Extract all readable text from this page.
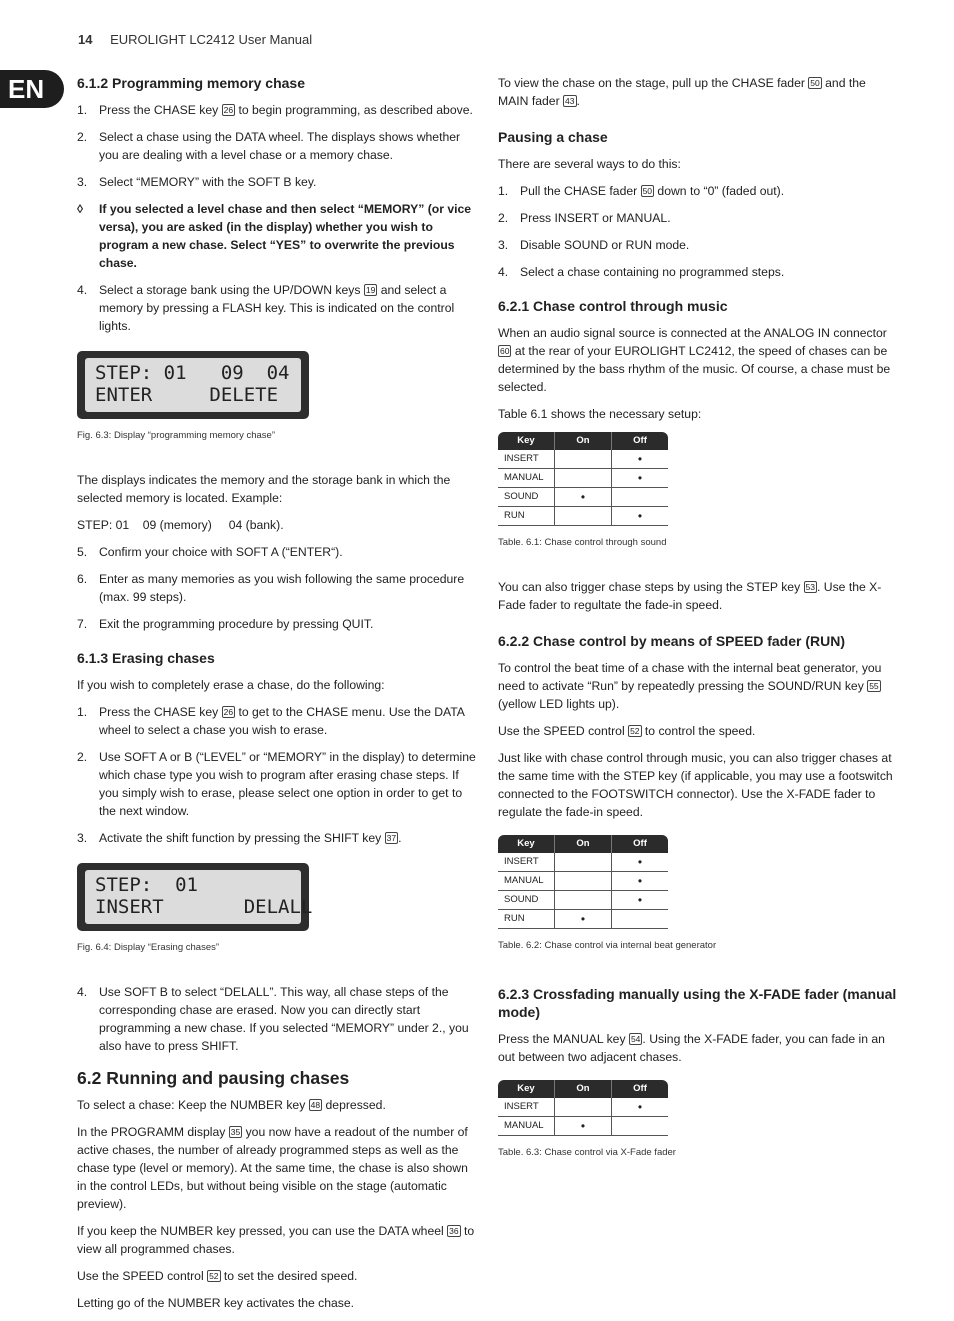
14 EUROLIGHT LC2412 User Manual
EN 6.1.2 Programming memory chase
1. Press the CHASE key 26 to begin programming, as described above.
2. Select a chase using the DATA wheel. The displays shows whether you are dealing with a level chase or a memory chase.
3. Select “MEMORY” with the SOFT B key.
◊	If you selected a level chase and then select “MEMORY” (or vice versa), you are asked (in the display) whether you wish to program a new chase. Select “YES” to overwrite the previous chase.
4. Select a storage bank using the UP/DOWN keys 19 and select a memory by pressing a FLASH key. This is indicated on the control lights.
STEP: 01   09  04
ENTER     DELETE
Fig. 6.3: Display “programming memory chase”

The displays indicates the memory and the storage bank in which the selected memory is located. Example:

STEP: 01    09 (memory)     04 (bank).

5. Confirm your choice with SOFT A (“ENTER“).
6. Enter as many memories as you wish following the same procedure (max. 99 steps).
7. Exit the programming procedure by pressing QUIT.
6.1.3 Erasing chases

If you wish to completely erase a chase, do the following:

1. Press the CHASE key 26 to get to the CHASE menu. Use the DATA wheel to select a chase you wish to erase.
2. Use SOFT A or B (“LEVEL” or “MEMORY” in the display) to determine which chase type you wish to program after erasing chase steps. If you simply wish to erase, please select one option in order to get to the next window.
3. Activate the shift function by pressing the SHIFT key 37 .
STEP:  01
INSERT       DELALL
Fig. 6.4: Display “Erasing chases”
4. Use SOFT B to select “DELALL”. This way, all chase steps of the corresponding chase are erased. Now you can directly start programming a new chase. If you selected “MEMORY” under 2., you also have to press SHIFT.
6.2 Running and pausing chases

To select a chase: Keep the NUMBER key 48 depressed.

In the PROGRAMM display 35 you now have a readout of the number of active chases, the number of already programmed steps as well as the chase type (level or memory). At the same time, the chase is also shown in the control LEDs, but without being visible on the stage (automatic preview).

If you keep the NUMBER key pressed, you can use the DATA wheel 36 to view all programmed chases.

Use the SPEED control 52 to set the desired speed.

Letting go of the NUMBER key activates the chase.

To view the chase on the stage, pull up the CHASE fader 50 and the MAIN fader 43 .

Pausing a chase

There are several ways to do this:

1. Pull the CHASE fader 50 down to “0” (faded out).
2. Press INSERT or MANUAL.
3. Disable SOUND or RUN mode.
4. Select a chase containing no programmed steps.
6.2.1 Chase control through music

When an audio signal source is connected at the ANALOG IN connector 60 at the rear of your EUROLIGHT LC2412, the speed of chases can be determined by the bass rhythm of the music. Of course, a chase must be selected.

Table 6.1 shows the necessary setup:

Key	On	Off
INSERT		•
MANUAL		•
SOUND	•	
RUN		•
Table. 6.1: Chase control through sound

You can also trigger chase steps by using the STEP key 53 . Use the X-Fade fader to regultate the fade-in speed.

6.2.2 Chase control by means of SPEED fader (RUN)

To control the beat time of a chase with the internal beat generator, you need to activate “Run” by repeatedly pressing the SOUND/RUN key 55 (yellow LED lights up).

Use the SPEED control 52 to control the speed.

Just like with chase control through music, you can also trigger chases at the same time with the STEP key (if applicable, you may use a footswitch connected to the FOOTSWITCH connector). Use the X-FADE fader to regulate the fade-in speed.

Key	On	Off
INSERT		•
MANUAL		•
SOUND		•
RUN	•	
Table. 6.2: Chase control via internal beat generator
6.2.3 Crossfading manually using the X-FADE fader (manual mode)

Press the MANUAL key 54 . Using the X-FADE fader, you can fade in an out between two adjacent chases.

Key	On	Off
INSERT		•
MANUAL	•	
Table. 6.3: Chase control via X-Fade fader
